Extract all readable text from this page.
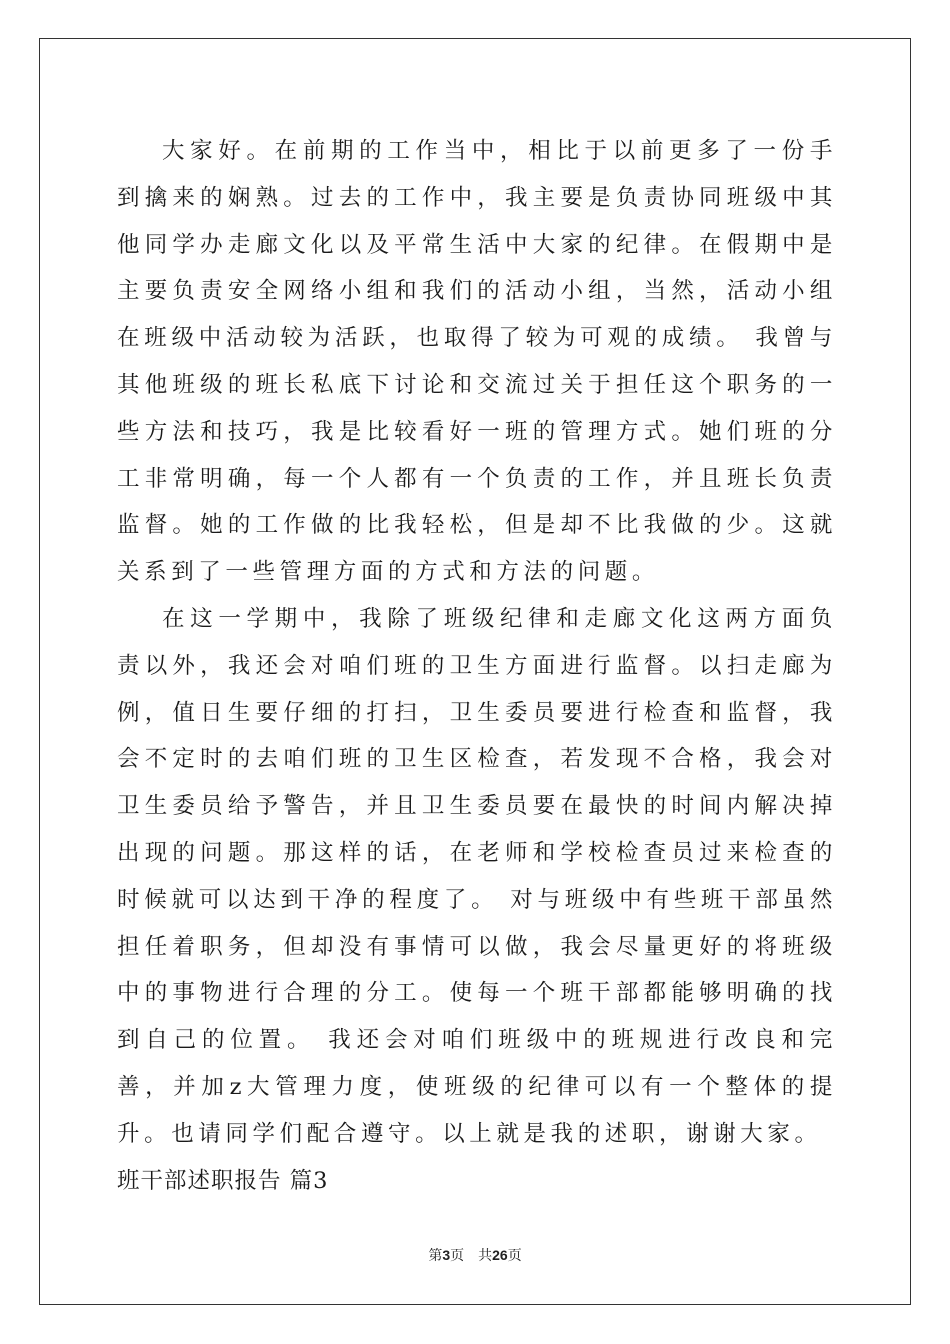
大家好。在前期的工作当中，相比于以前更多了一份手到擒来的娴熟。过去的工作中，我主要是负责协同班级中其他同学办走廊文化以及平常生活中大家的纪律。在假期中是主要负责安全网络小组和我们的活动小组，当然，活动小组在班级中活动较为活跃，也取得了较为可观的成绩。 我曾与其他班级的班长私底下讨论和交流过关于担任这个职务的一些方法和技巧，我是比较看好一班的管理方式。她们班的分工非常明确，每一个人都有一个负责的工作，并且班长负责监督。她的工作做的比我轻松，但是却不比我做的少。这就关系到了一些管理方面的方式和方法的问题。

在这一学期中，我除了班级纪律和走廊文化这两方面负责以外，我还会对咱们班的卫生方面进行监督。以扫走廊为例，值日生要仔细的打扫，卫生委员要进行检查和监督，我会不定时的去咱们班的卫生区检查，若发现不合格，我会对卫生委员给予警告，并且卫生委员要在最快的时间内解决掉出现的问题。那这样的话，在老师和学校检查员过来检查的时候就可以达到干净的程度了。 对与班级中有些班干部虽然担任着职务，但却没有事情可以做，我会尽量更好的将班级中的事物进行合理的分工。使每一个班干部都能够明确的找到自己的位置。 我还会对咱们班级中的班规进行改良和完善，并加z大管理力度，使班级的纪律可以有一个整体的提升。也请同学们配合遵守。以上就是我的述职，谢谢大家。

班干部述职报告 篇3

第3页 共26页
